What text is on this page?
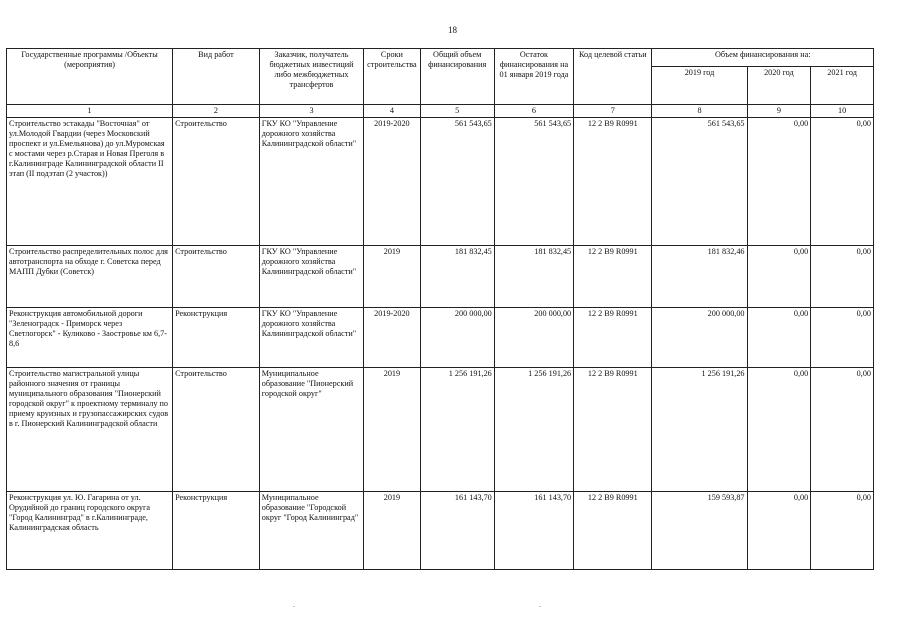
18
Государственные программы /Объекты (мероприятия)	Вид работ	Заказчик, получатель бюджетных инвестиций либо межбюджетных трансфертов	Сроки строительства	Общий объем финансирования	Остаток финансирования на 01 января 2019 года	Код целевой статьи	Объем финансирования на:		
							2019 год	2020 год	2021 год
1	2	3	4	5	6	7	8	9	10
Строительство эстакады "Восточная" от ул.Молодой Гвардии (через Московский проспект и ул.Емельянова) до ул.Муромская с мостами через р.Старая и Новая Преголя в г.Калининграде Калининградской области II этап (II подэтап (2 участок))	Строительство	ГКУ КО "Управление дорожного хозяйства Калининградской области"	2019-2020	561 543,65	561 543,65	12 2 В9 R0991	561 543,65	0,00	0,00
Строительство распределительных полос для автотранспорта на обходе г. Советска перед МАПП Дубки (Советск)	Строительство	ГКУ КО "Управление дорожного хозяйства Калининградской области"	2019	181 832,45	181 832,45	12 2 В9 R0991	181 832,46	0,00	0,00
Реконструкция автомобильной дороги "Зеленоградск - Приморск через Светлогорск" - Куликово - Заостровье км 6,7-8,6	Реконструкция	ГКУ КО "Управление дорожного хозяйства Калининградской области"	2019-2020	200 000,00	200 000,00	12 2 В9 R0991	200 000,00	0,00	0,00
Строительство магистральной улицы районного значения от границы муниципального образования "Пионерский городской округ" к проектному терминалу по приему круизных и грузопассажирских судов в г. Пионерский Калининградской области	Строительство	Муниципальное образование "Пионерский городской округ"	2019	1 256 191,26	1 256 191,26	12 2 В9 R0991	1 256 191,26	0,00	0,00
Реконструкция ул. Ю. Гагарина от ул. Орудийной до границ городского округа "Город Калининград" в г.Калининграде, Калининградская область	Реконструкция	Муниципальное образование "Городской округ "Город Калининград"	2019	161 143,70	161 143,70	12 2 В9 R0991	159 593,87	0,00	0,00
.	.
